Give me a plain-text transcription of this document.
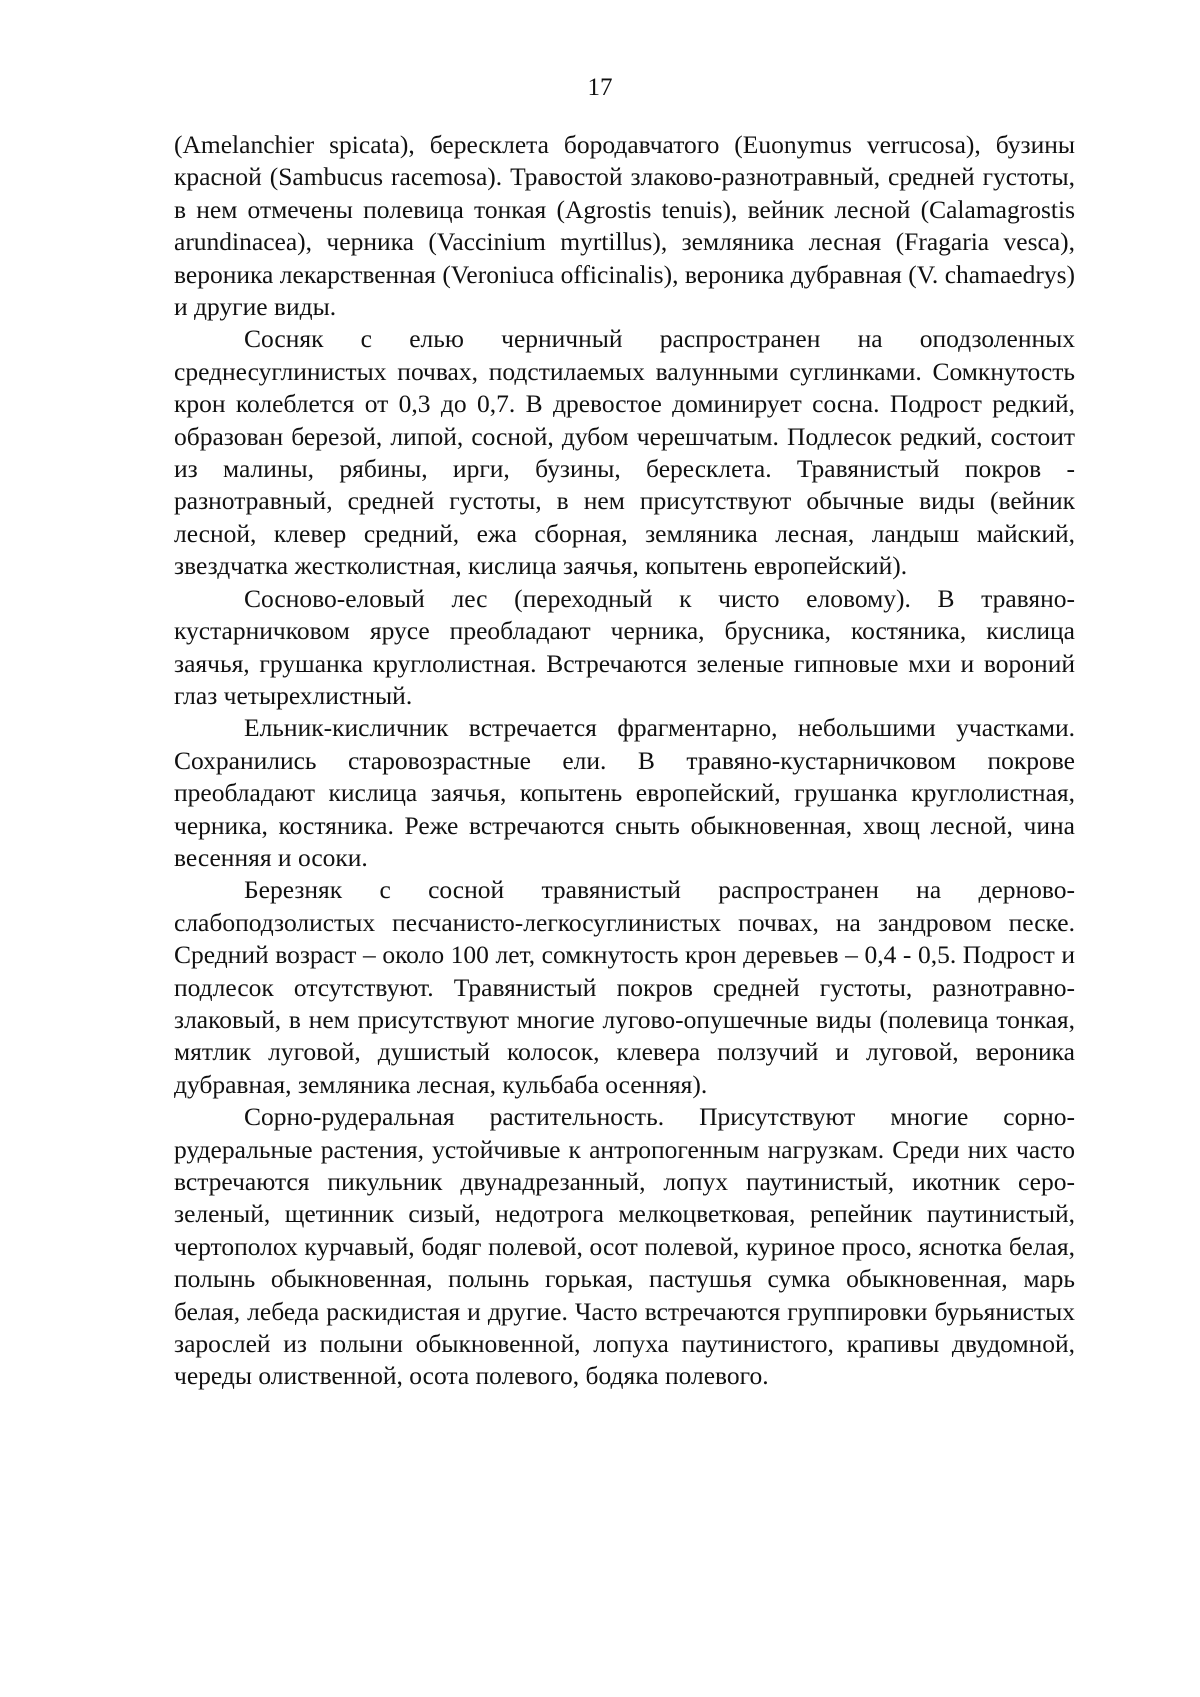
17

(Amelanchier spicata), бересклета бородавчатого (Euonymus verrucosa), бузины красной (Sambucus racemosa). Травостой злаково-разнотравный, средней густоты, в нем отмечены полевица тонкая (Agrostis tenuis), вейник лесной (Calamagrostis arundinacea), черника (Vaccinium myrtillus), земляника лесная (Fragaria vesca), вероника лекарственная (Veroniuca officinalis), вероника дубравная (V. chamaedrys) и другие виды.

Сосняк с елью черничный распространен на оподзоленных среднесуглинистых почвах, подстилаемых валунными суглинками. Сомкнутость крон колеблется от 0,3 до 0,7. В древостое доминирует сосна. Подрост редкий, образован березой, липой, сосной, дубом черешчатым. Подлесок редкий, состоит из малины, рябины, ирги, бузины, бересклета. Травянистый покров - разнотравный, средней густоты, в нем присутствуют обычные виды (вейник лесной, клевер средний, ежа сборная, земляника лесная, ландыш майский, звездчатка жестколистная, кислица заячья, копытень европейский).

Сосново-еловый лес (переходный к чисто еловому). В травяно-кустарничковом ярусе преобладают черника, брусника, костяника, кислица заячья, грушанка круглолистная. Встречаются зеленые гипновые мхи и вороний глаз четырехлистный.

Ельник-кисличник встречается фрагментарно, небольшими участками. Сохранились старовозрастные ели. В травяно-кустарничковом покрове преобладают кислица заячья, копытень европейский, грушанка круглолистная, черника, костяника. Реже встречаются сныть обыкновенная, хвощ лесной, чина весенняя и осоки.

Березняк с сосной травянистый распространен на дерново-слабоподзолистых песчанисто-легкосуглинистых почвах, на зандровом песке. Средний возраст – около 100 лет, сомкнутость крон деревьев – 0,4 - 0,5. Подрост и подлесок отсутствуют. Травянистый покров средней густоты, разнотравно-злаковый, в нем присутствуют многие лугово-опушечные виды (полевица тонкая, мятлик луговой, душистый колосок, клевера ползучий и луговой, вероника дубравная, земляника лесная, кульбаба осенняя).

Сорно-рудеральная растительность. Присутствуют многие сорно-рудеральные растения, устойчивые к антропогенным нагрузкам. Среди них часто встречаются пикульник двунадрезанный, лопух паутинистый, икотник серо-зеленый, щетинник сизый, недотрога мелкоцветковая, репейник паутинистый, чертополох курчавый, бодяг полевой, осот полевой, куриное просо, яснотка белая, полынь обыкновенная, полынь горькая, пастушья сумка обыкновенная, марь белая, лебеда раскидистая и другие. Часто встречаются группировки бурьянистых зарослей из полыни обыкновенной, лопуха паутинистого, крапивы двудомной, череды олиственной, осота полевого, бодяка полевого.
